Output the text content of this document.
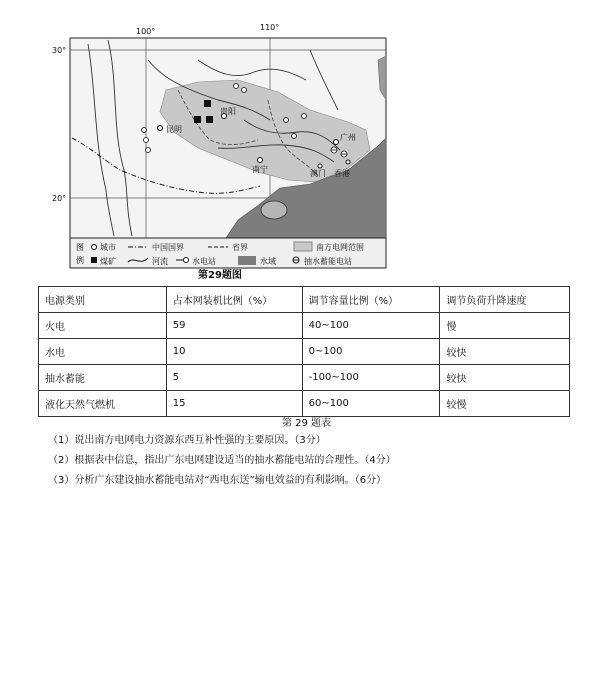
100°	110°
30°
20°
昆明
贵阳
南宁
广州
澳门 香港
图
例
城市	中国国界	省界	南方电网范围
煤矿	河流	水电站	水域	抽水蓄能电站
第29题图
电源类别	占本网装机比例（%）	调节容量比例（%）	调节负荷升降速度
火电	59	40~100	慢
水电	10	0~100	较快
抽水蓄能	5	-100~100	较快
液化天然气燃机	15	60~100	较慢
第 29 题表
（1）说出南方电网电力资源东西互补性强的主要原因。（3分）
（2）根据表中信息，指出广东电网建设适当的抽水蓄能电站的合理性。（4分）
（3）分析广东建设抽水蓄能电站对“西电东送”输电效益的有利影响。（6分）
